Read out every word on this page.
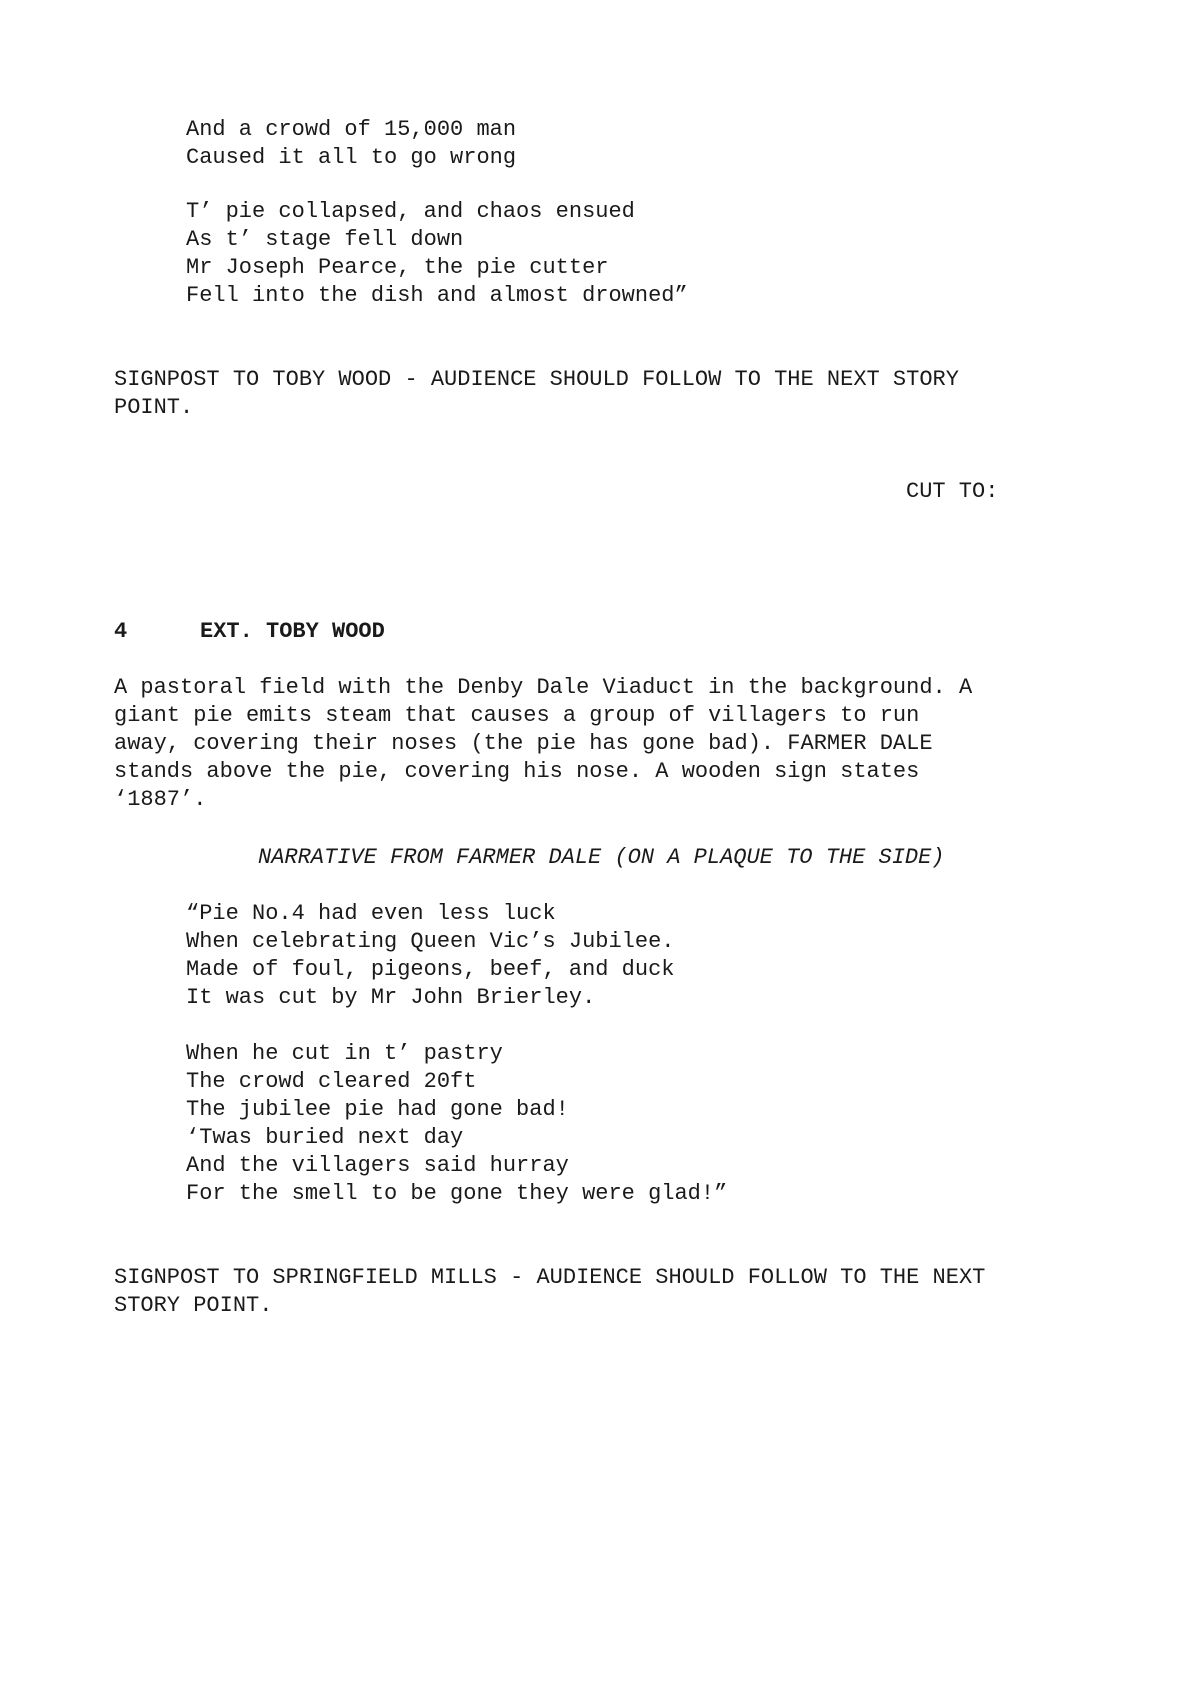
And a crowd of 15,000 man
Caused it all to go wrong
T’ pie collapsed, and chaos ensued
As t’ stage fell down
Mr Joseph Pearce, the pie cutter
Fell into the dish and almost drowned”
SIGNPOST TO TOBY WOOD - AUDIENCE SHOULD FOLLOW TO THE NEXT STORY
POINT.
CUT TO:
4	EXT. TOBY WOOD
A pastoral field with the Denby Dale Viaduct in the background. A
giant pie emits steam that causes a group of villagers to run
away, covering their noses (the pie has gone bad). FARMER DALE
stands above the pie, covering his nose. A wooden sign states
‘1887’.
NARRATIVE FROM FARMER DALE (ON A PLAQUE TO THE SIDE)
“Pie No.4 had even less luck
When celebrating Queen Vic’s Jubilee.
Made of foul, pigeons, beef, and duck
It was cut by Mr John Brierley.
When he cut in t’ pastry
The crowd cleared 20ft
The jubilee pie had gone bad!
‘Twas buried next day
And the villagers said hurray
For the smell to be gone they were glad!”
SIGNPOST TO SPRINGFIELD MILLS - AUDIENCE SHOULD FOLLOW TO THE NEXT
STORY POINT.
